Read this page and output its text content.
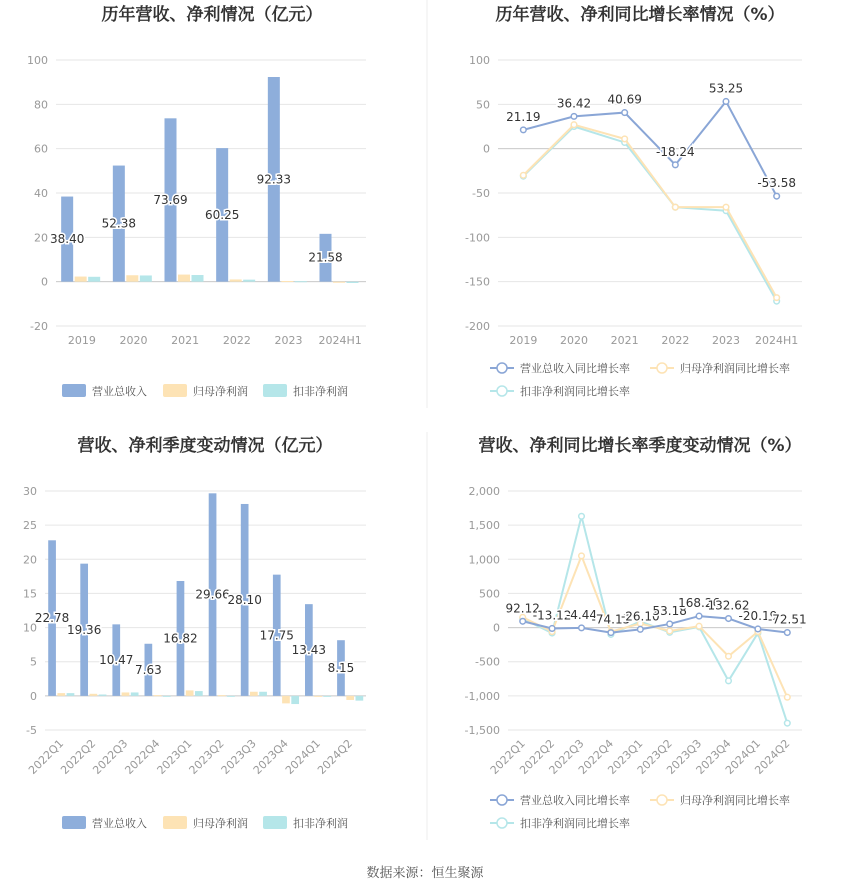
历年营收、净利情况（亿元）
100
80
60
40
20
0
-20
2019 2020 2021 2022 2023 2024H1
38.40
52.38
73.69
60.25
92.33
21.58
营业总收入	归母净利润	扣非净利润
历年营收、净利同比增长率情况（%）
100
50
0
-50
-100
-150
-200
2019 2020 2021 2022 2023 2024H1
21.19
36.42 40.69
-18.24
53.25
-53.58
营业总收入同比增长率	归母净利润同比增长率
扣非净利润同比增长率
营收、净利季度变动情况（亿元）
30
25
20
15
10
5
0
-5
2022Q1
2022Q2
2022Q3
2022Q4
2023Q1
2023Q2
2023Q3
2023Q4
2024Q1
2024Q2
22.78
19.36
10.47
7.63
16.82
29.66
28.10
17.75
13.43
8.15
营业总收入	归母净利润	扣非净利润
营收、净利同比增长率季度变动情况（%）
2,000
1,500
1,000
500
0
-500
-1,000
-1,500
2022Q1
2022Q2
2022Q3
2022Q4
2023Q1
2023Q2
2023Q3
2023Q4
2024Q1
2024Q2
92.12
-13.12
-4.44
-74.15
-26.10
53.18
168.26
132.62
-20.19
-72.51
营业总收入同比增长率	归母净利润同比增长率
扣非净利润同比增长率
数据来源：恒生聚源
